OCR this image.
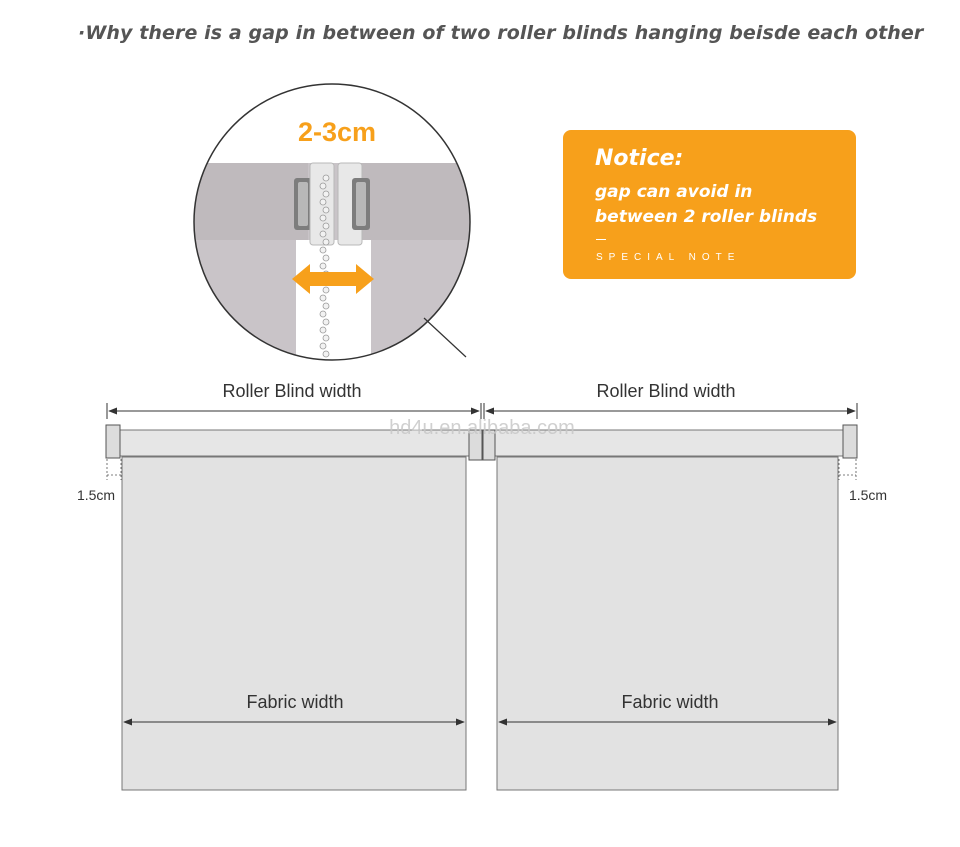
·Why there is a gap in between of two roller blinds hanging beisde each other
2-3cm
Roller Blind width	Roller Blind width
1.5cm	1.5cm
Fabric width	Fabric width
hd4u.en.alibaba.com
Notice:
gap can avoid in
between 2 roller blinds
SPECIAL NOTE
